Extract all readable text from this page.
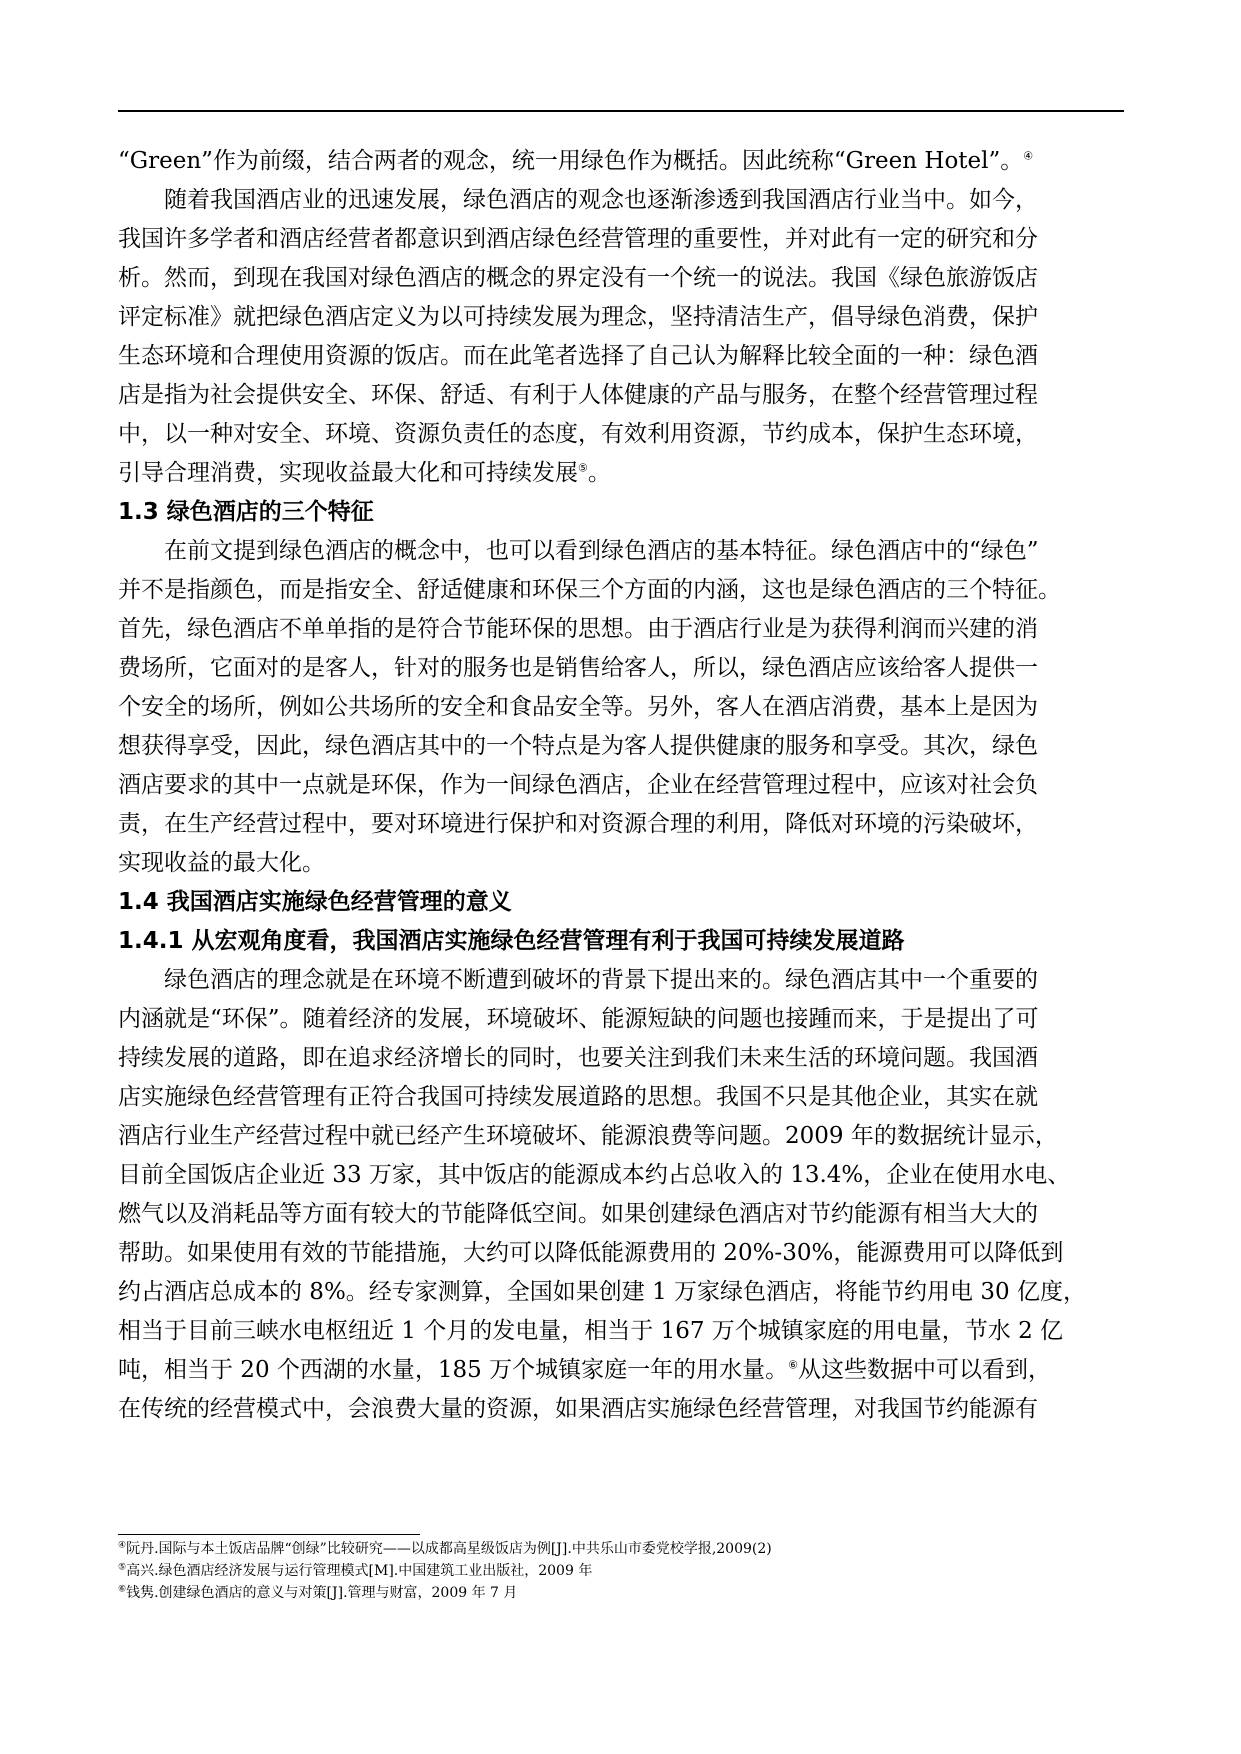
“Green”作为前缀，结合两者的观念，统一用绿色作为概括。因此统称“Green Hotel”。④
随着我国酒店业的迅速发展，绿色酒店的观念也逐渐渗透到我国酒店行业当中。如今，
我国许多学者和酒店经营者都意识到酒店绿色经营管理的重要性，并对此有一定的研究和分
析。然而，到现在我国对绿色酒店的概念的界定没有一个统一的说法。我国《绿色旅游饭店
评定标准》就把绿色酒店定义为以可持续发展为理念，坚持清洁生产，倡导绿色消费，保护
生态环境和合理使用资源的饭店。而在此笔者选择了自己认为解释比较全面的一种：绿色酒
店是指为社会提供安全、环保、舒适、有利于人体健康的产品与服务，在整个经营管理过程
中，以一种对安全、环境、资源负责任的态度，有效利用资源，节约成本，保护生态环境，
引导合理消费，实现收益最大化和可持续发展⑤。
1.3 绿色酒店的三个特征
在前文提到绿色酒店的概念中，也可以看到绿色酒店的基本特征。绿色酒店中的“绿色”
并不是指颜色，而是指安全、舒适健康和环保三个方面的内涵，这也是绿色酒店的三个特征。
首先，绿色酒店不单单指的是符合节能环保的思想。由于酒店行业是为获得利润而兴建的消
费场所，它面对的是客人，针对的服务也是销售给客人，所以，绿色酒店应该给客人提供一
个安全的场所，例如公共场所的安全和食品安全等。另外，客人在酒店消费，基本上是因为
想获得享受，因此，绿色酒店其中的一个特点是为客人提供健康的服务和享受。其次，绿色
酒店要求的其中一点就是环保，作为一间绿色酒店，企业在经营管理过程中，应该对社会负
责，在生产经营过程中，要对环境进行保护和对资源合理的利用，降低对环境的污染破坏，
实现收益的最大化。
1.4 我国酒店实施绿色经营管理的意义
1.4.1 从宏观角度看，我国酒店实施绿色经营管理有利于我国可持续发展道路
绿色酒店的理念就是在环境不断遭到破坏的背景下提出来的。绿色酒店其中一个重要的
内涵就是“环保”。随着经济的发展，环境破坏、能源短缺的问题也接踵而来，于是提出了可
持续发展的道路，即在追求经济增长的同时，也要关注到我们未来生活的环境问题。我国酒
店实施绿色经营管理有正符合我国可持续发展道路的思想。我国不只是其他企业，其实在就
酒店行业生产经营过程中就已经产生环境破坏、能源浪费等问题。2009 年的数据统计显示，
目前全国饭店企业近 33 万家，其中饭店的能源成本约占总收入的 13.4%，企业在使用水电、
燃气以及消耗品等方面有较大的节能降低空间。如果创建绿色酒店对节约能源有相当大大的
帮助。如果使用有效的节能措施，大约可以降低能源费用的 20%-30%，能源费用可以降低到
约占酒店总成本的 8%。经专家测算，全国如果创建 1 万家绿色酒店，将能节约用电 30 亿度，
相当于目前三峡水电枢纽近 1 个月的发电量，相当于 167 万个城镇家庭的用电量，节水 2 亿
吨，相当于 20 个西湖的水量，185 万个城镇家庭一年的用水量。⑥从这些数据中可以看到，
在传统的经营模式中，会浪费大量的资源，如果酒店实施绿色经营管理，对我国节约能源有
④阮丹.国际与本土饭店品牌“创绿”比较研究——以成都高星级饭店为例[J].中共乐山市委党校学报,2009(2)
⑤高兴.绿色酒店经济发展与运行管理模式[M].中国建筑工业出版社，2009 年
⑥钱隽.创建绿色酒店的意义与对策[J].管理与财富，2009 年 7 月
